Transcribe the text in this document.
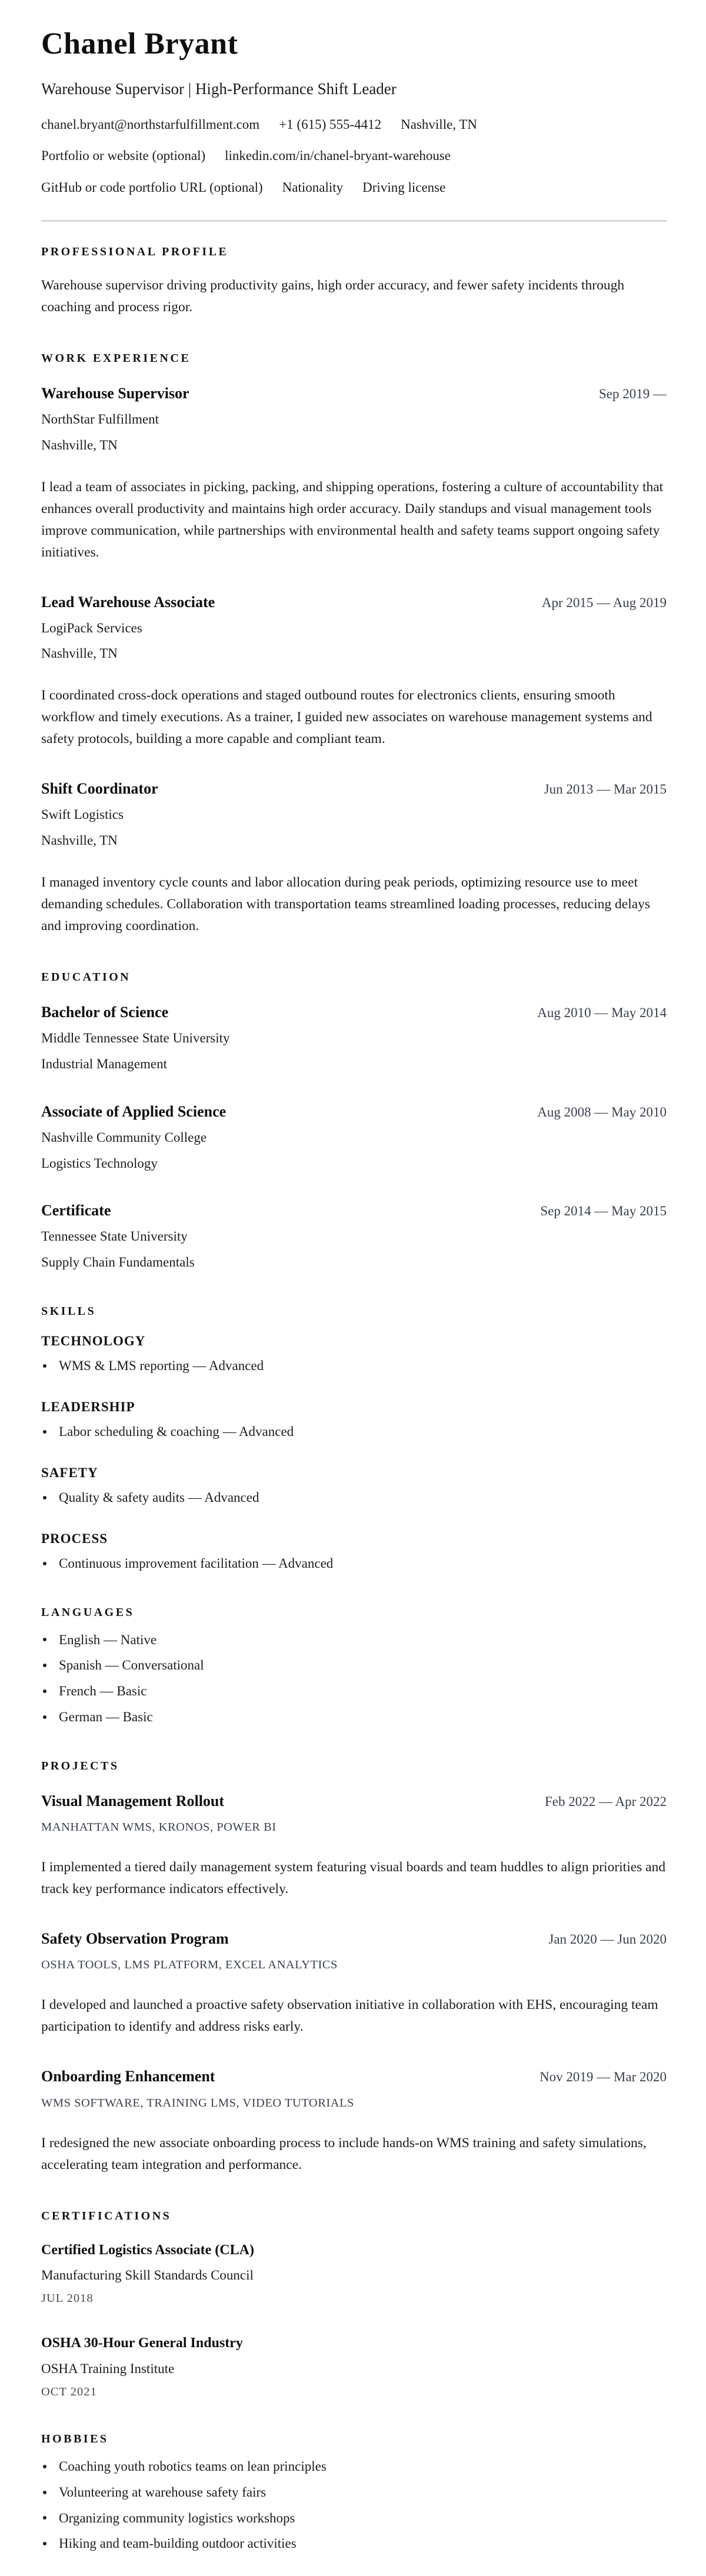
Chanel Bryant
Warehouse Supervisor | High-Performance Shift Leader
chanel.bryant@northstarfulfillment.com +1 (615) 555-4412 Nashville, TN
Portfolio or website (optional) linkedin.com/in/chanel-bryant-warehouse
GitHub or code portfolio URL (optional) Nationality Driving license
PROFESSIONAL PROFILE

Warehouse supervisor driving productivity gains, high order accuracy, and fewer safety incidents through coaching and process rigor.

WORK EXPERIENCE
Warehouse Supervisor	Sep 2019 —
NorthStar Fulfillment
Nashville, TN

I lead a team of associates in picking, packing, and shipping operations, fostering a culture of accountability that enhances overall productivity and maintains high order accuracy. Daily standups and visual management tools improve communication, while partnerships with environmental health and safety teams support ongoing safety initiatives.

Lead Warehouse Associate	Apr 2015 — Aug 2019
LogiPack Services
Nashville, TN

I coordinated cross-dock operations and staged outbound routes for electronics clients, ensuring smooth workflow and timely executions. As a trainer, I guided new associates on warehouse management systems and safety protocols, building a more capable and compliant team.

Shift Coordinator	Jun 2013 — Mar 2015
Swift Logistics
Nashville, TN

I managed inventory cycle counts and labor allocation during peak periods, optimizing resource use to meet demanding schedules. Collaboration with transportation teams streamlined loading processes, reducing delays and improving coordination.

EDUCATION
Bachelor of Science	Aug 2010 — May 2014
Middle Tennessee State University
Industrial Management
Associate of Applied Science	Aug 2008 — May 2010
Nashville Community College
Logistics Technology
Certificate	Sep 2014 — May 2015
Tennessee State University
Supply Chain Fundamentals
SKILLS
TECHNOLOGY
WMS & LMS reporting — Advanced
LEADERSHIP
Labor scheduling & coaching — Advanced
SAFETY
Quality & safety audits — Advanced
PROCESS
Continuous improvement facilitation — Advanced
LANGUAGES
English — Native
Spanish — Conversational
French — Basic
German — Basic
PROJECTS
Visual Management Rollout	Feb 2022 — Apr 2022
MANHATTAN WMS, KRONOS, POWER BI

I implemented a tiered daily management system featuring visual boards and team huddles to align priorities and track key performance indicators effectively.

Safety Observation Program	Jan 2020 — Jun 2020
OSHA TOOLS, LMS PLATFORM, EXCEL ANALYTICS

I developed and launched a proactive safety observation initiative in collaboration with EHS, encouraging team participation to identify and address risks early.

Onboarding Enhancement	Nov 2019 — Mar 2020
WMS SOFTWARE, TRAINING LMS, VIDEO TUTORIALS

I redesigned the new associate onboarding process to include hands-on WMS training and safety simulations, accelerating team integration and performance.

CERTIFICATIONS
Certified Logistics Associate (CLA)
Manufacturing Skill Standards Council
JUL 2018
OSHA 30-Hour General Industry
OSHA Training Institute
OCT 2021
HOBBIES
Coaching youth robotics teams on lean principles
Volunteering at warehouse safety fairs
Organizing community logistics workshops
Hiking and team-building outdoor activities
